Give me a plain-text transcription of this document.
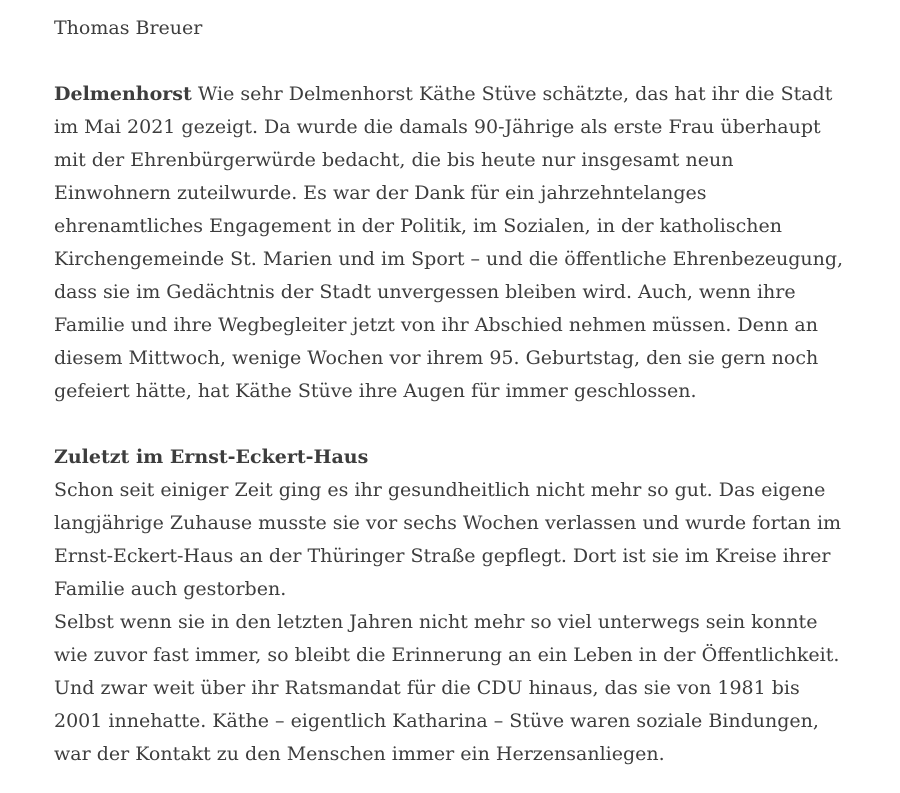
Thomas Breuer

Delmenhorst Wie sehr Delmenhorst Käthe Stüve schätzte, das hat ihr die Stadt im Mai 2021 gezeigt. Da wurde die damals 90-Jährige als erste Frau überhaupt mit der Ehrenbürgerwürde bedacht, die bis heute nur insgesamt neun Einwohnern zuteilwurde. Es war der Dank für ein jahrzehntelanges ehrenamtliches Engagement in der Politik, im Sozialen, in der katholischen Kirchengemeinde St. Marien und im Sport – und die öffentliche Ehrenbezeugung, dass sie im Gedächtnis der Stadt unvergessen bleiben wird. Auch, wenn ihre Familie und ihre Wegbegleiter jetzt von ihr Abschied nehmen müssen. Denn an diesem Mittwoch, wenige Wochen vor ihrem 95. Geburtstag, den sie gern noch gefeiert hätte, hat Käthe Stüve ihre Augen für immer geschlossen.

Zuletzt im Ernst-Eckert-Haus

Schon seit einiger Zeit ging es ihr gesundheitlich nicht mehr so gut. Das eigene langjährige Zuhause musste sie vor sechs Wochen verlassen und wurde fortan im Ernst-Eckert-Haus an der Thüringer Straße gepflegt. Dort ist sie im Kreise ihrer Familie auch gestorben.

Selbst wenn sie in den letzten Jahren nicht mehr so viel unterwegs sein konnte wie zuvor fast immer, so bleibt die Erinnerung an ein Leben in der Öffentlichkeit. Und zwar weit über ihr Ratsmandat für die CDU hinaus, das sie von 1981 bis 2001 innehatte. Käthe – eigentlich Katharina – Stüve waren soziale Bindungen, war der Kontakt zu den Menschen immer ein Herzensanliegen.
